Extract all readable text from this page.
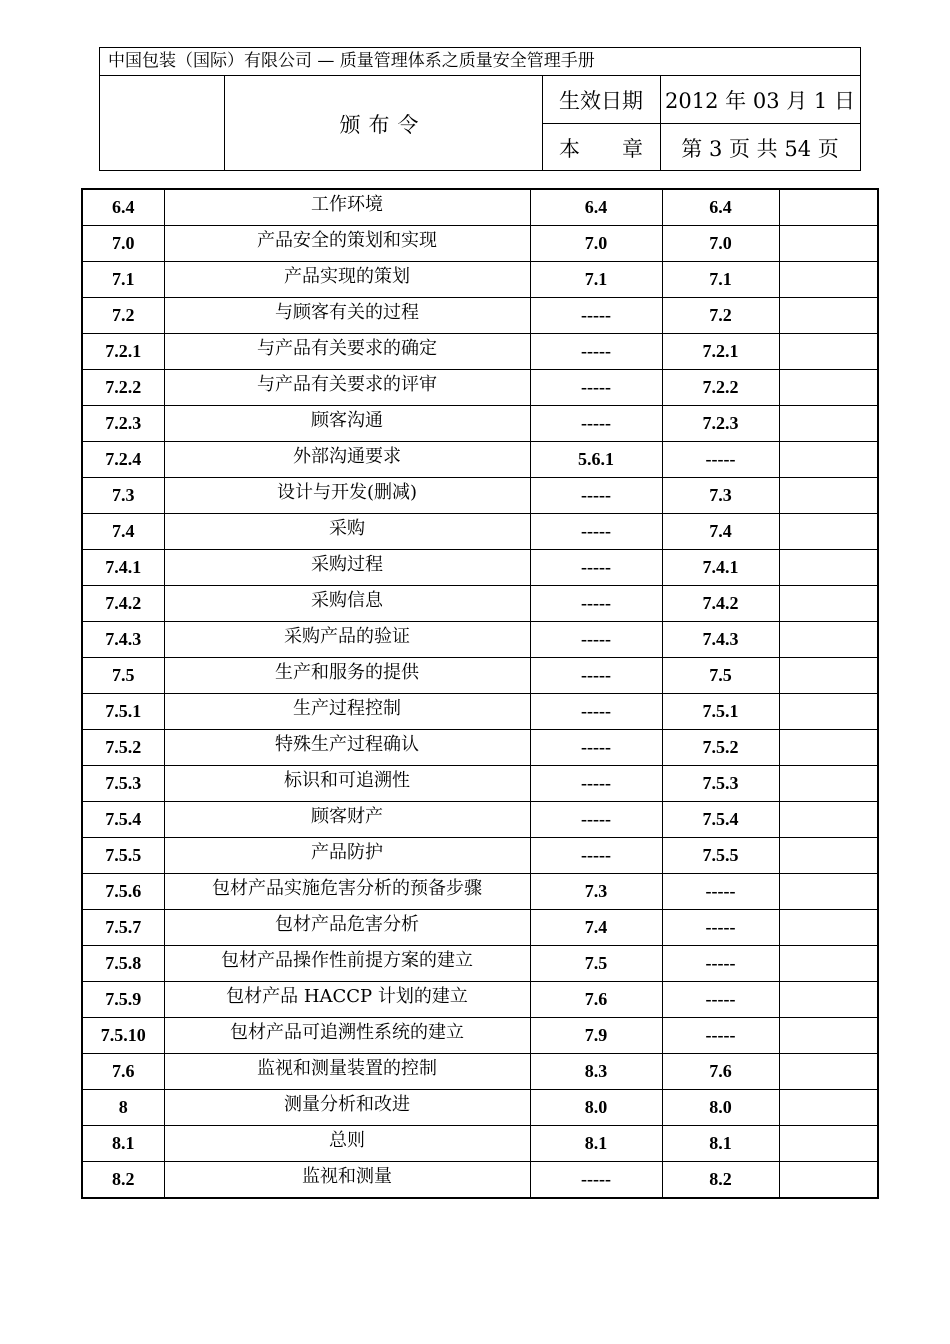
中国包装（国际）有限公司 — 质量管理体系之质量安全管理手册
颁布令
生效日期	2012 年 03 月 1 日
本　　章	第 3 页 共 54 页
6.4	工作环境	6.4	6.4	
7.0	产品安全的策划和实现	7.0	7.0	
7.1	产品实现的策划	7.1	7.1	
7.2	与顾客有关的过程	-----	7.2	
7.2.1	与产品有关要求的确定	-----	7.2.1	
7.2.2	与产品有关要求的评审	-----	7.2.2	
7.2.3	顾客沟通	-----	7.2.3	
7.2.4	外部沟通要求	5.6.1	-----	
7.3	设计与开发(删减)	-----	7.3	
7.4	采购	-----	7.4	
7.4.1	采购过程	-----	7.4.1	
7.4.2	采购信息	-----	7.4.2	
7.4.3	采购产品的验证	-----	7.4.3	
7.5	生产和服务的提供	-----	7.5	
7.5.1	生产过程控制	-----	7.5.1	
7.5.2	特殊生产过程确认	-----	7.5.2	
7.5.3	标识和可追溯性	-----	7.5.3	
7.5.4	顾客财产	-----	7.5.4	
7.5.5	产品防护	-----	7.5.5	
7.5.6	包材产品实施危害分析的预备步骤	7.3	-----	
7.5.7	包材产品危害分析	7.4	-----	
7.5.8	包材产品操作性前提方案的建立	7.5	-----	
7.5.9	包材产品 HACCP 计划的建立	7.6	-----	
7.5.10	包材产品可追溯性系统的建立	7.9	-----	
7.6	监视和测量装置的控制	8.3	7.6	
8	测量分析和改进	8.0	8.0	
8.1	总则	8.1	8.1	
8.2	监视和测量	-----	8.2	
